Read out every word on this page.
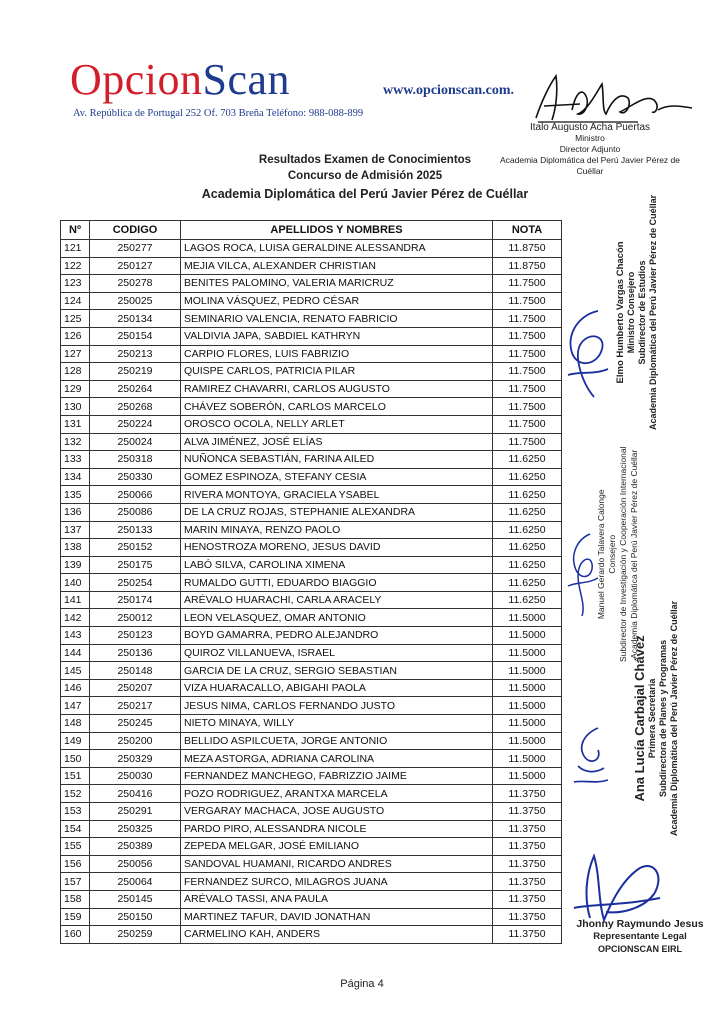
OpcionScan	www.opcionscan.com.
Av. República de Portugal 252 Of. 703 Breña Teléfono: 988-088-899
Italo Augusto Acha Puertas
Ministro
Director Adjunto
Academia Diplomática del Perú Javier Pérez de Cuéllar
Resultados Examen de Conocimientos
Concurso de Admisión 2025
Academia Diplomática del Perú Javier Pérez de Cuéllar
Nº	CODIGO	APELLIDOS Y NOMBRES	NOTA
121	250277	LAGOS ROCA, LUISA GERALDINE ALESSANDRA	11.8750
122	250127	MEJIA VILCA, ALEXANDER CHRISTIAN	11.8750
123	250278	BENITES PALOMINO, VALERIA MARICRUZ	11.7500
124	250025	MOLINA VÁSQUEZ, PEDRO CÉSAR	11.7500
125	250134	SEMINARIO VALENCIA, RENATO FABRICIO	11.7500
126	250154	VALDIVIA JAPA, SABDIEL KATHRYN	11.7500
127	250213	CARPIO FLORES, LUIS FABRIZIO	11.7500
128	250219	QUISPE CARLOS, PATRICIA PILAR	11.7500
129	250264	RAMIREZ CHAVARRI, CARLOS AUGUSTO	11.7500
130	250268	CHÁVEZ SOBERÓN, CARLOS MARCELO	11.7500
131	250224	OROSCO OCOLA, NELLY ARLET	11.7500
132	250024	ALVA JIMÉNEZ, JOSÉ ELÍAS	11.7500
133	250318	NUÑONCA SEBASTIÁN, FARINA AILED	11.6250
134	250330	GOMEZ ESPINOZA, STEFANY CESIA	11.6250
135	250066	RIVERA MONTOYA, GRACIELA YSABEL	11.6250
136	250086	DE LA CRUZ ROJAS, STEPHANIE ALEXANDRA	11.6250
137	250133	MARIN MINAYA, RENZO PAOLO	11.6250
138	250152	HENOSTROZA MORENO, JESUS DAVID	11.6250
139	250175	LABÓ SILVA, CAROLINA XIMENA	11.6250
140	250254	RUMALDO GUTTI, EDUARDO BIAGGIO	11.6250
141	250174	ARÉVALO HUARACHI, CARLA ARACELY	11.6250
142	250012	LEON VELASQUEZ, OMAR ANTONIO	11.5000
143	250123	BOYD GAMARRA, PEDRO ALEJANDRO	11.5000
144	250136	QUIROZ VILLANUEVA, ISRAEL	11.5000
145	250148	GARCIA DE LA CRUZ, SERGIO SEBASTIAN	11.5000
146	250207	VIZA HUARACALLO, ABIGAHI PAOLA	11.5000
147	250217	JESUS NIMA, CARLOS FERNANDO JUSTO	11.5000
148	250245	NIETO MINAYA, WILLY	11.5000
149	250200	BELLIDO ASPILCUETA, JORGE ANTONIO	11.5000
150	250329	MEZA ASTORGA, ADRIANA CAROLINA	11.5000
151	250030	FERNANDEZ MANCHEGO, FABRIZZIO JAIME	11.5000
152	250416	POZO RODRIGUEZ, ARANTXA MARCELA	11.3750
153	250291	VERGARAY MACHACA, JOSE AUGUSTO	11.3750
154	250325	PARDO PIRO, ALESSANDRA NICOLE	11.3750
155	250389	ZEPEDA MELGAR, JOSÉ EMILIANO	11.3750
156	250056	SANDOVAL HUAMANI, RICARDO ANDRES	11.3750
157	250064	FERNANDEZ SURCO, MILAGROS JUANA	11.3750
158	250145	ARÉVALO TASSI, ANA PAULA	11.3750
159	250150	MARTINEZ TAFUR, DAVID JONATHAN	11.3750
160	250259	CARMELINO KAH, ANDERS	11.3750
Elmo Humberto Vargas Chacón Ministro Consejero Subdirector de Estudios Academia Diplomática del Perú Javier Pérez de Cuéllar
Manuel Gerardo Talavera Calonge Consejero Subdirector de Investigación y Cooperación Internacional Academia Diplomática del Perú Javier Pérez de Cuéllar
Ana Lucía Carbajal Chávez Primera Secretaria Subdirectora de Planes y Programas Academia Diplomática del Perú Javier Pérez de Cuéllar
Jhonny Raymundo Jesus
Representante Legal
OPCIONSCAN EIRL
Página 4
